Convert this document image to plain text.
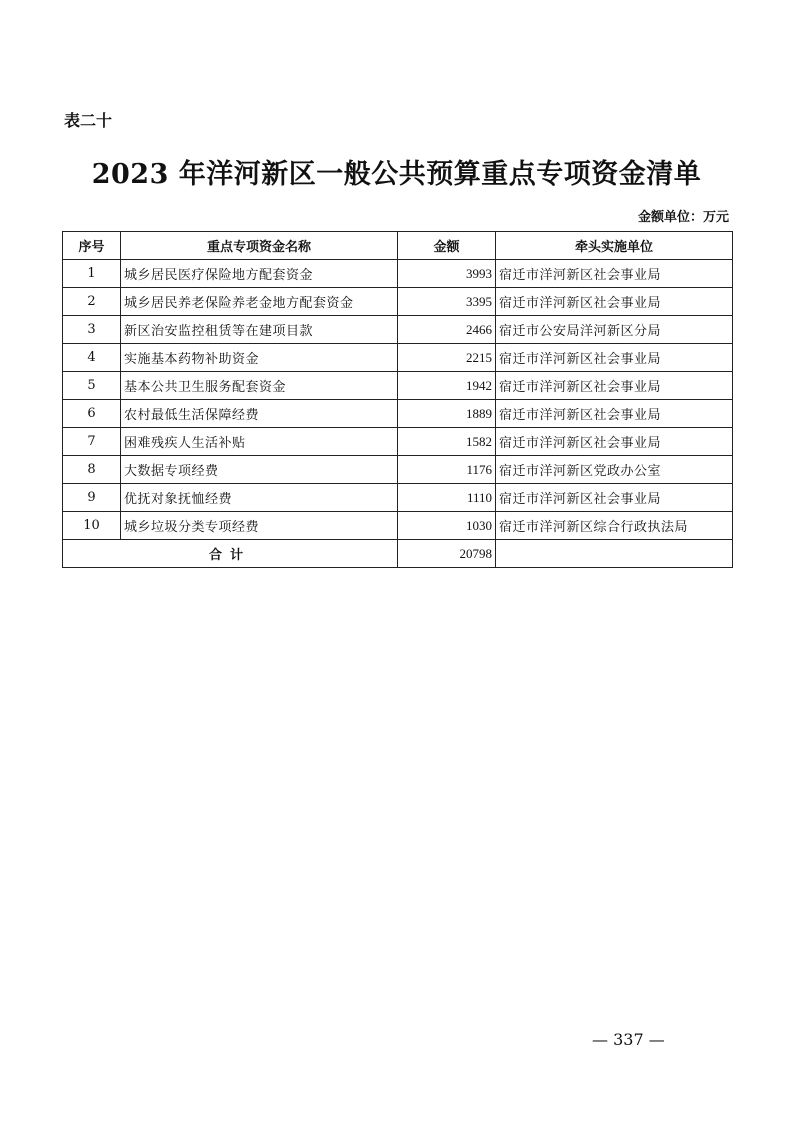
表二十
2023 年洋河新区一般公共预算重点专项资金清单
金额单位：万元
序号	重点专项资金名称	金额	牵头实施单位
1	城乡居民医疗保险地方配套资金	3993	宿迁市洋河新区社会事业局
2	城乡居民养老保险养老金地方配套资金	3395	宿迁市洋河新区社会事业局
3	新区治安监控租赁等在建项目款	2466	宿迁市公安局洋河新区分局
4	实施基本药物补助资金	2215	宿迁市洋河新区社会事业局
5	基本公共卫生服务配套资金	1942	宿迁市洋河新区社会事业局
6	农村最低生活保障经费	1889	宿迁市洋河新区社会事业局
7	困难残疾人生活补贴	1582	宿迁市洋河新区社会事业局
8	大数据专项经费	1176	宿迁市洋河新区党政办公室
9	优抚对象抚恤经费	1110	宿迁市洋河新区社会事业局
10	城乡垃圾分类专项经费	1030	宿迁市洋河新区综合行政执法局
合计		20798	
— 337 —
